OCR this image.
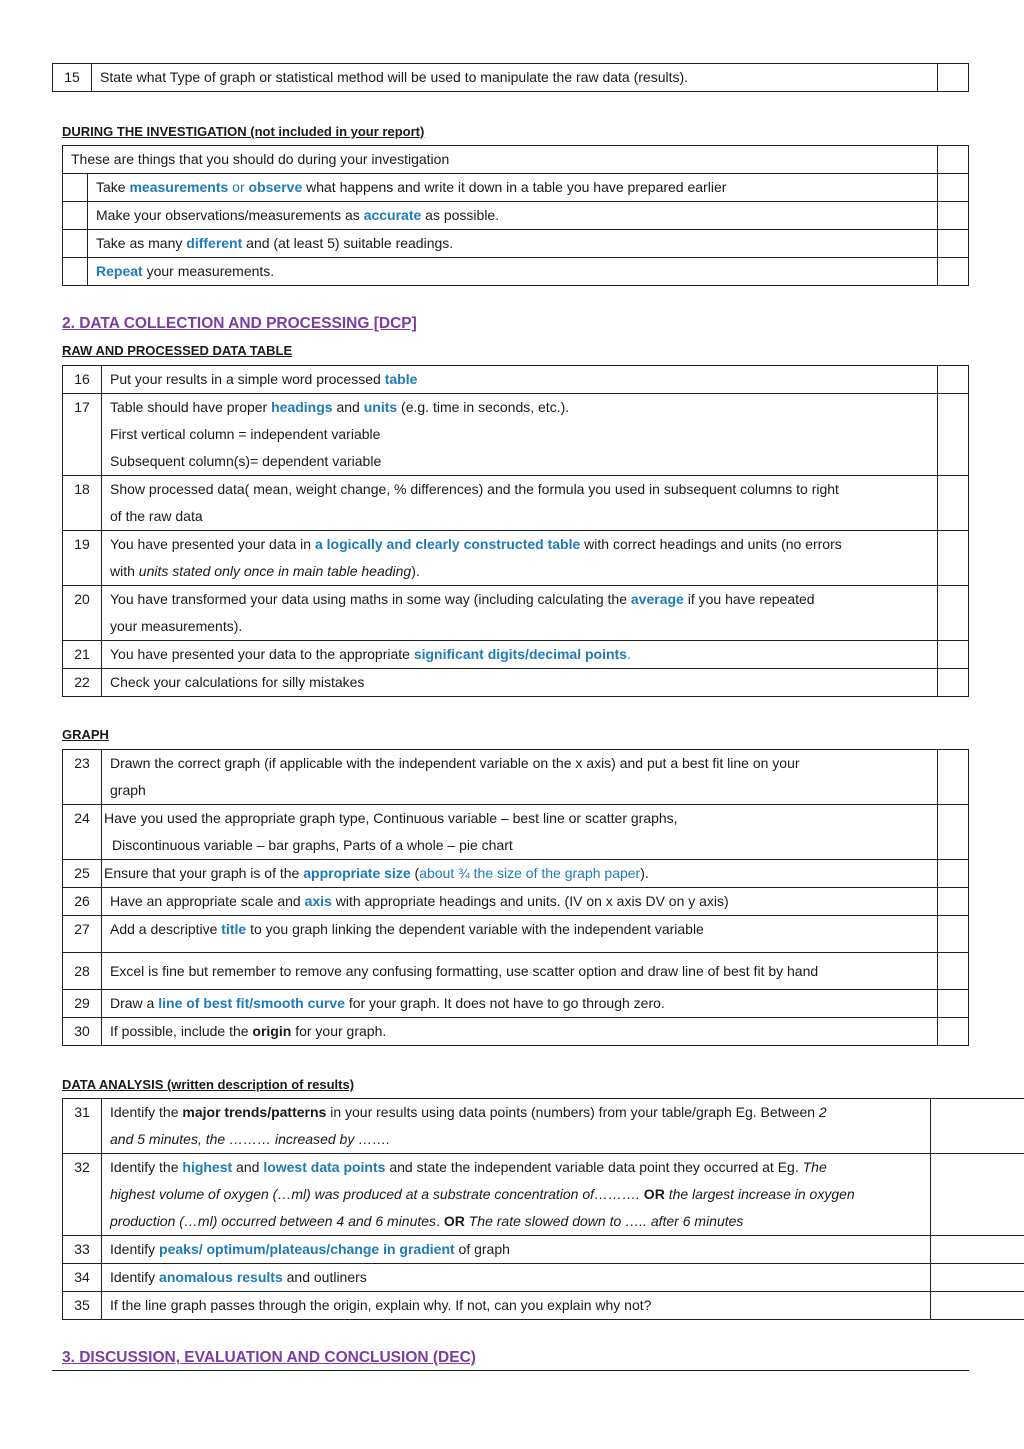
15	State what Type of graph or statistical method will be used to manipulate the raw data (results).	
DURING THE INVESTIGATION (not included in your report)
These are things that you should do during your investigation		
	Take measurements or observe what happens and write it down in a table you have prepared earlier	
	Make your observations/measurements as accurate as possible.	
	Take as many different and (at least 5) suitable readings.	
	Repeat your measurements.	
2. DATA COLLECTION AND PROCESSING [DCP]
RAW AND PROCESSED DATA TABLE
16	Put your results in a simple word processed table	
17	Table should have proper headings and units (e.g. time in seconds, etc.).
First vertical column = independent variable
Subsequent column(s)= dependent variable	
18	Show processed data( mean, weight change, % differences) and the formula you used in subsequent columns to right
of the raw data	
19	You have presented your data in a logically and clearly constructed table with correct headings and units (no errors
with units stated only once in main table heading).	
20	You have transformed your data using maths in some way (including calculating the average if you have repeated
your measurements).	
21	You have presented your data to the appropriate significant digits/decimal points.	
22	Check your calculations for silly mistakes	
GRAPH
23	Drawn the correct graph (if applicable with the independent variable on the x axis) and put a best fit line on your
graph	
24	Have you used the appropriate graph type, Continuous variable – best line or scatter graphs,
Discontinuous variable – bar graphs, Parts of a whole – pie chart	
25	Ensure that your graph is of the appropriate size (about ¾ the size of the graph paper).	
26	Have an appropriate scale and axis with appropriate headings and units. (IV on x axis DV on y axis)	
27	Add a descriptive title to you graph linking the dependent variable with the independent variable	
28	Excel is fine but remember to remove any confusing formatting, use scatter option and draw line of best fit by hand	
29	Draw a line of best fit/smooth curve for your graph. It does not have to go through zero.	
30	If possible, include the origin for your graph.	
DATA ANALYSIS (written description of results)
31	Identify the major trends/patterns in your results using data points (numbers) from your table/graph Eg. Between 2
and 5 minutes, the ……… increased by …….	
32	Identify the highest and lowest data points and state the independent variable data point they occurred at Eg. The
highest volume of oxygen (…ml) was produced at a substrate concentration of………. OR the largest increase in oxygen
production (…ml) occurred between 4 and 6 minutes. OR The rate slowed down to ….. after 6 minutes	
33	Identify peaks/ optimum/plateaus/change in gradient of graph	
34	Identify anomalous results and outliners	
35	If the line graph passes through the origin, explain why. If not, can you explain why not?	
3. DISCUSSION, EVALUATION AND CONCLUSION (DEC)
